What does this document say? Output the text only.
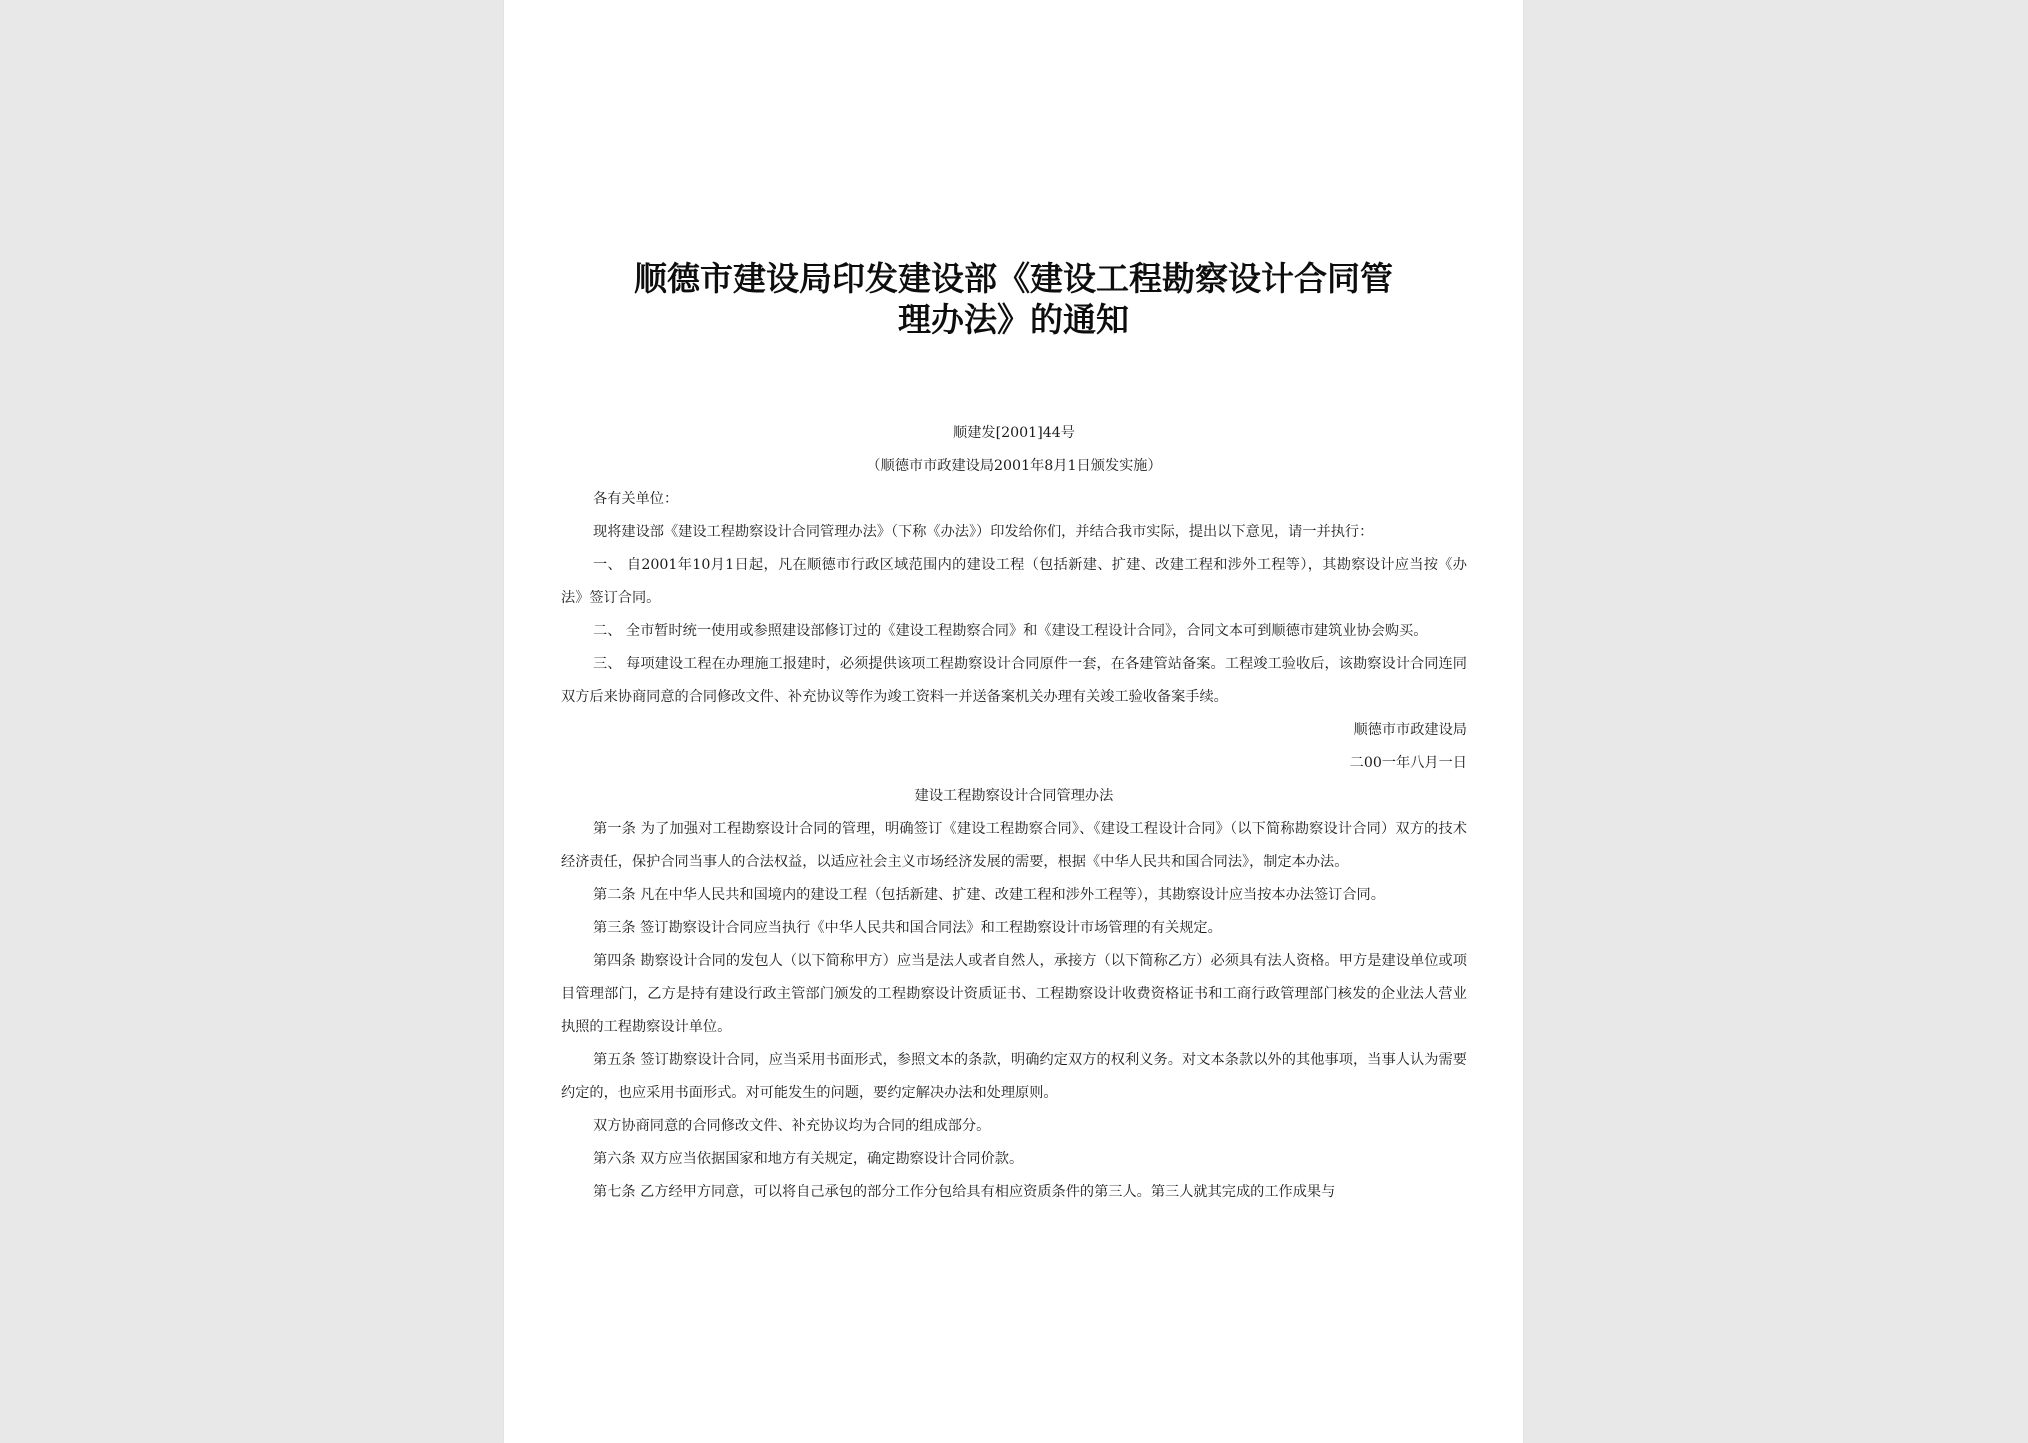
顺德市建设局印发建设部《建设工程勘察设计合同管
理办法》的通知

顺建发[2001]44号

（顺德市市政建设局2001年8月1日颁发实施）

各有关单位：

现将建设部《建设工程勘察设计合同管理办法》（下称《办法》）印发给你们，并结合我市实际，提出以下意见，请一并执行：

一、 自2001年10月1日起，凡在顺德市行政区域范围内的建设工程（包括新建、扩建、改建工程和涉外工程等），其勘察设计应当按《办法》签订合同。

二、 全市暂时统一使用或参照建设部修订过的《建设工程勘察合同》和《建设工程设计合同》，合同文本可到顺德市建筑业协会购买。

三、 每项建设工程在办理施工报建时，必须提供该项工程勘察设计合同原件一套，在各建管站备案。工程竣工验收后，该勘察设计合同连同双方后来协商同意的合同修改文件、补充协议等作为竣工资料一并送备案机关办理有关竣工验收备案手续。

顺德市市政建设局

二00一年八月一日

建设工程勘察设计合同管理办法

第一条 为了加强对工程勘察设计合同的管理，明确签订《建设工程勘察合同》、《建设工程设计合同》（以下简称勘察设计合同）双方的技术经济责任，保护合同当事人的合法权益，以适应社会主义市场经济发展的需要，根据《中华人民共和国合同法》，制定本办法。

第二条 凡在中华人民共和国境内的建设工程（包括新建、扩建、改建工程和涉外工程等），其勘察设计应当按本办法签订合同。

第三条 签订勘察设计合同应当执行《中华人民共和国合同法》和工程勘察设计市场管理的有关规定。

第四条 勘察设计合同的发包人（以下简称甲方）应当是法人或者自然人，承接方（以下简称乙方）必须具有法人资格。甲方是建设单位或项目管理部门，乙方是持有建设行政主管部门颁发的工程勘察设计资质证书、工程勘察设计收费资格证书和工商行政管理部门核发的企业法人营业执照的工程勘察设计单位。

第五条 签订勘察设计合同，应当采用书面形式，参照文本的条款，明确约定双方的权利义务。对文本条款以外的其他事项，当事人认为需要约定的，也应采用书面形式。对可能发生的问题，要约定解决办法和处理原则。

双方协商同意的合同修改文件、补充协议均为合同的组成部分。

第六条 双方应当依据国家和地方有关规定，确定勘察设计合同价款。

第七条 乙方经甲方同意，可以将自己承包的部分工作分包给具有相应资质条件的第三人。第三人就其完成的工作成果与
